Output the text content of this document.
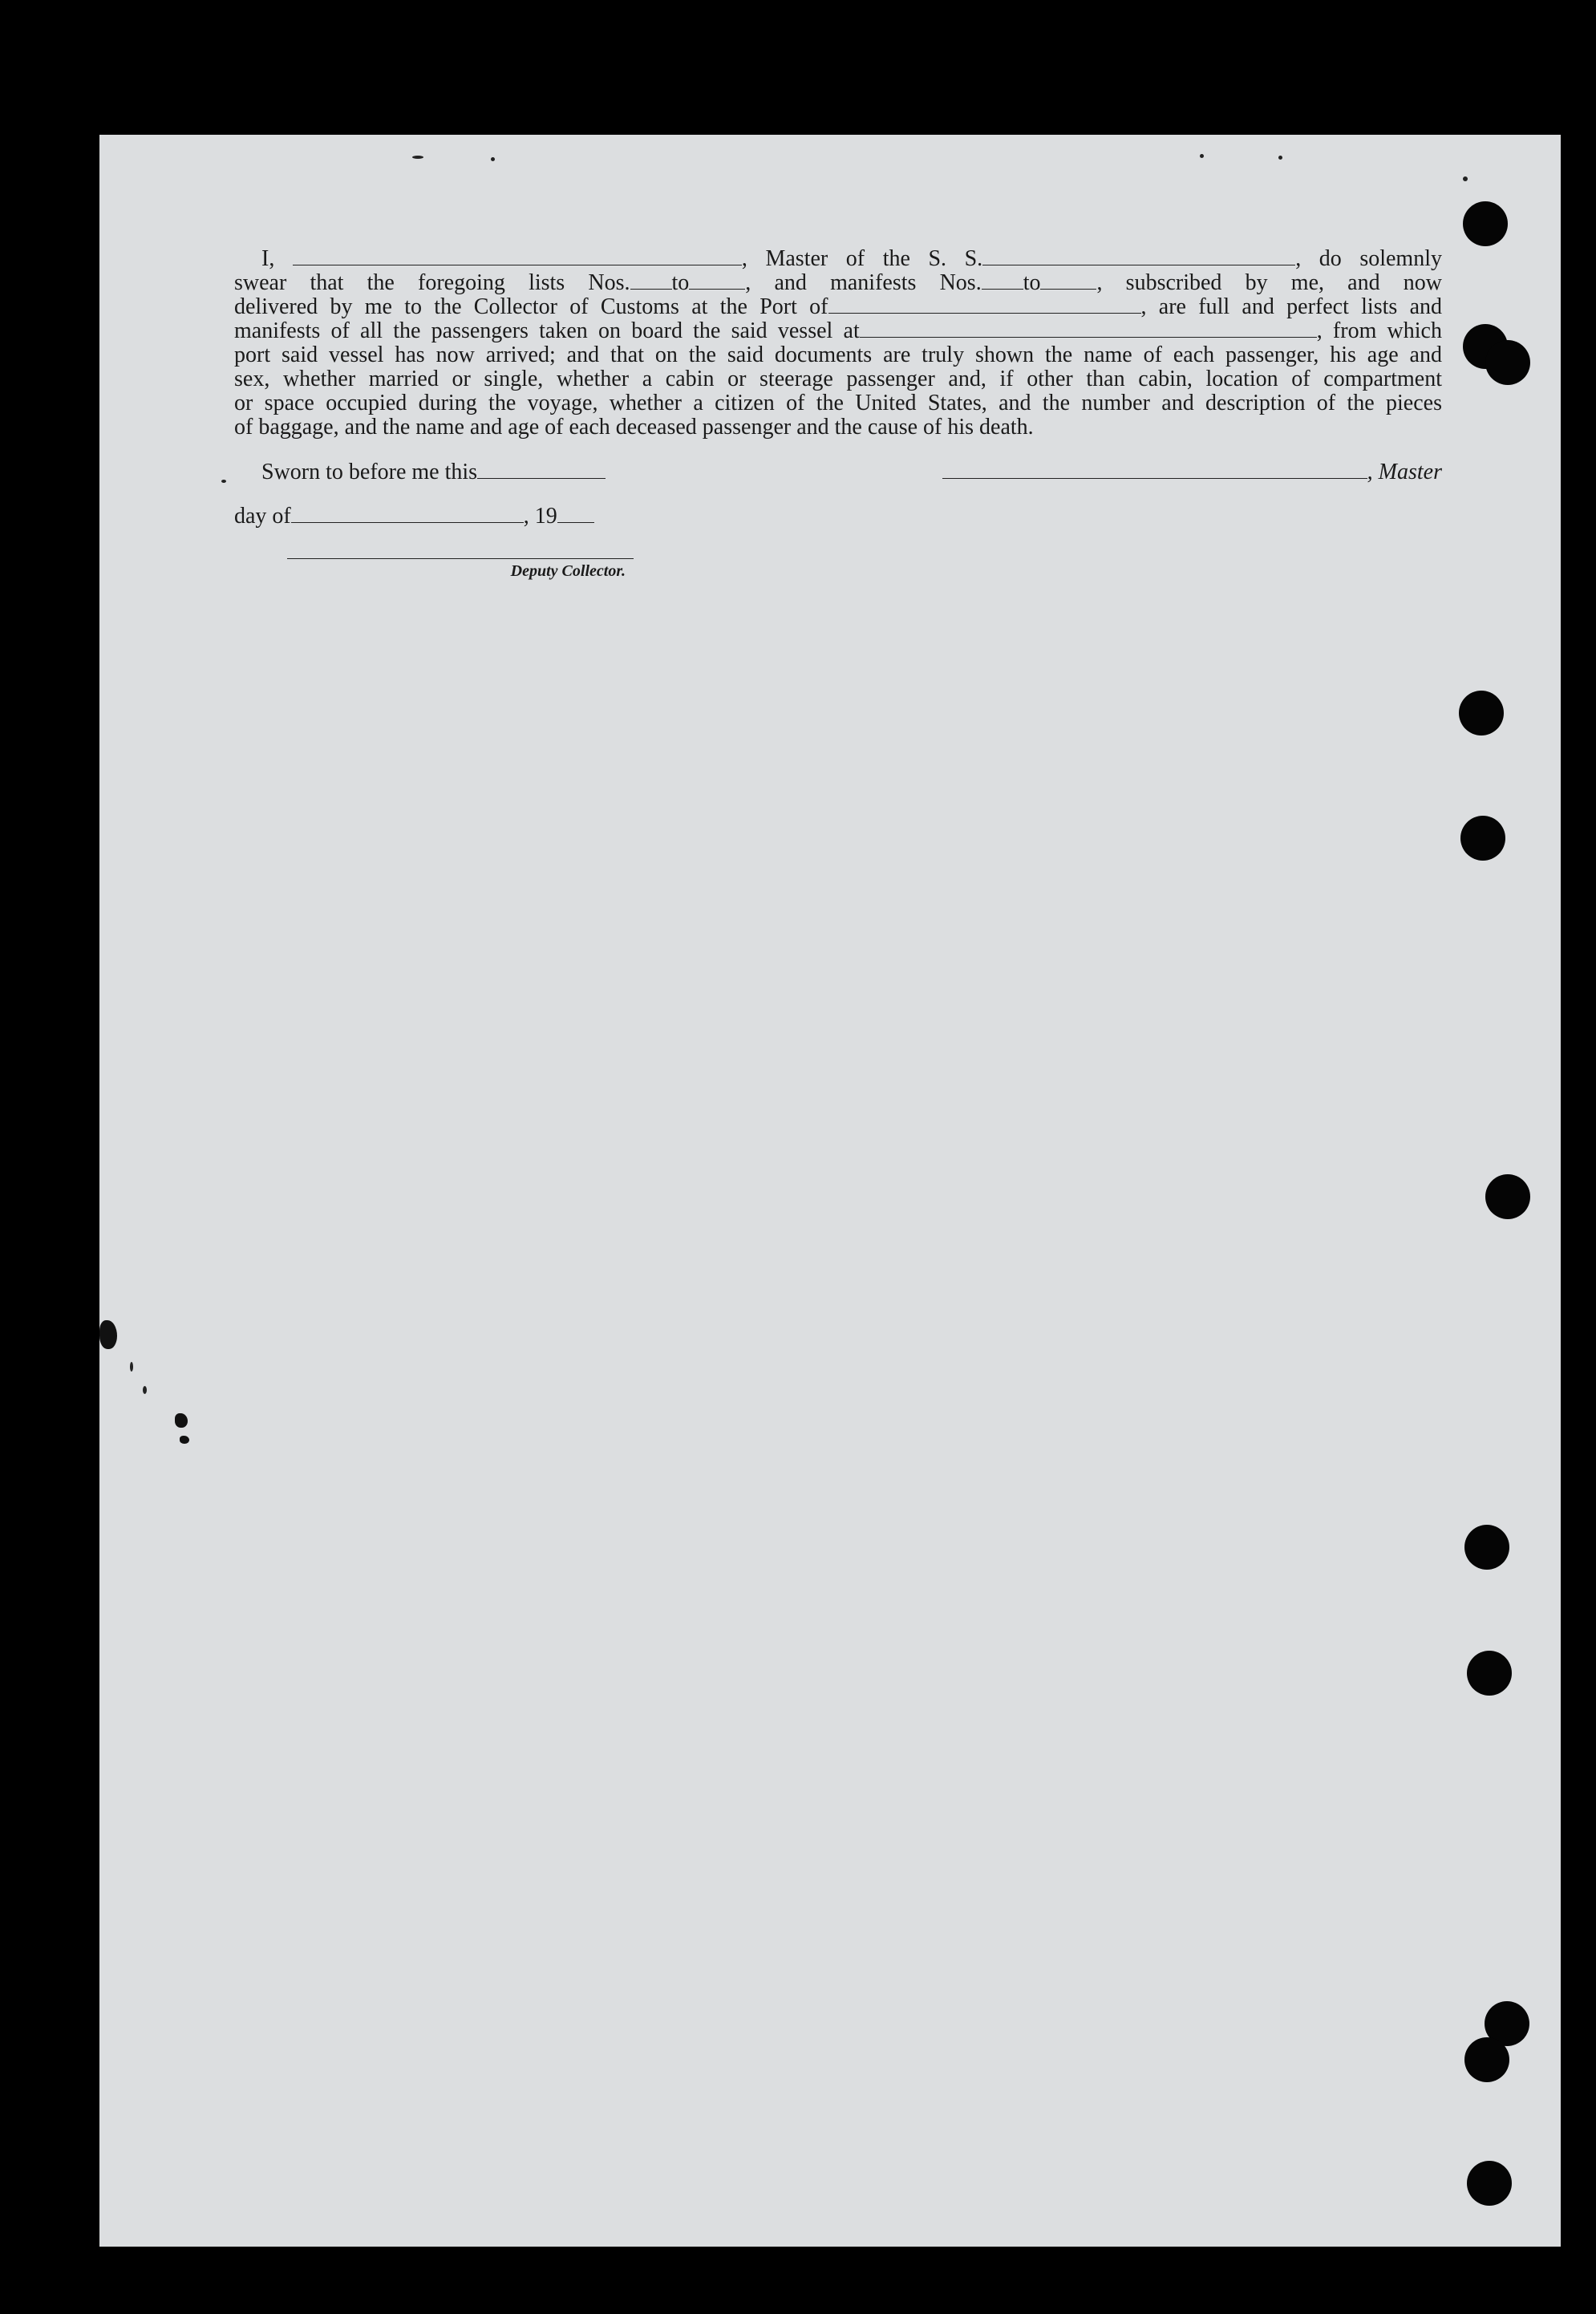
I,	, Master of the S. S.	, do solemnly
swear that the foregoing lists Nos. to	, and manifests Nos. to	, subscribed by me, and now
delivered by me to the Collector of Customs at the Port of	, are full and perfect lists and
manifests of all the passengers taken on board the said vessel at	, from which
port said vessel has now arrived; and that on the said documents are truly shown the name of each passenger, his age and
sex, whether married or single, whether a cabin or steerage passenger and, if other than cabin, location of compartment
or space occupied during the voyage, whether a citizen of the United States, and the number and description of the pieces
of baggage, and the name and age of each deceased passenger and the cause of his death.
Sworn to before me this	, Master
day of	, 19
Deputy Collector.
